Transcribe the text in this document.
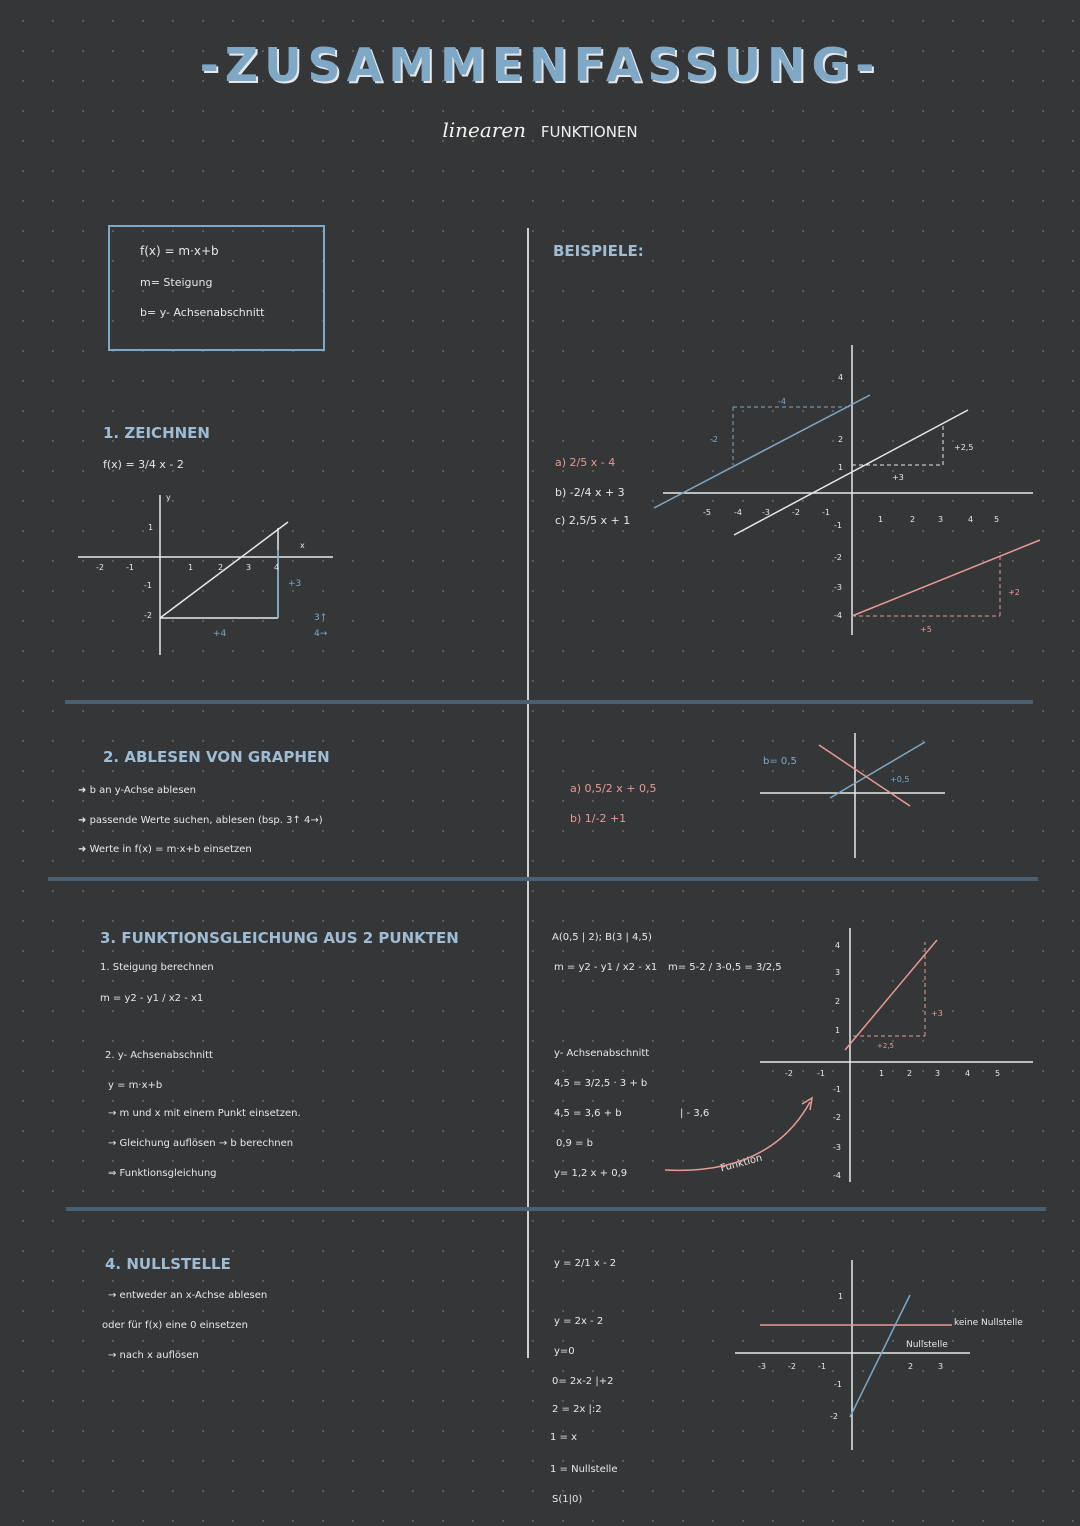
-ZUSAMMENFASSUNG-
linearen FUNKTIONEN
f(x) = m·x+b
m= Steigung
b= y- Achsenabschnitt
BEISPIELE:
1. ZEICHNEN
f(x) = 3/4 x - 2
-2	-1	1	2	3	4
1
-1
-2
x
y
+4
+3
3↑
4→
a) 2/5 x - 4
b) -2/4 x + 3
c) 2,5/5 x + 1
-5	-4	-3	-2	-1
1	2	3	4	5
2
1
-1
-2
-3
-4
4
-4
-2
+2,5
+3
+5
+2
2. ABLESEN VON GRAPHEN
➜ b an y-Achse ablesen
➜ passende Werte suchen, ablesen (bsp. 3↑ 4→)
➜ Werte in f(x) = m·x+b einsetzen
a) 0,5/2 x + 0,5
b) 1/-2 +1
b= 0,5
+0,5
3. FUNKTIONSGLEICHUNG AUS 2 PUNKTEN
1. Steigung berechnen
m = y2 - y1 / x2 - x1
2. y- Achsenabschnitt
y = m·x+b
→ m und x mit einem Punkt einsetzen.
→ Gleichung auflösen → b berechnen
⇒ Funktionsgleichung
A(0,5 | 2); B(3 | 4,5)
m = y2 - y1 / x2 - x1 m= 5-2 / 3-0,5 = 3/2,5
y- Achsenabschnitt
4,5 = 3/2,5 · 3 + b
4,5 = 3,6 + b	| - 3,6
0,9 = b
y= 1,2 x + 0,9	Funktion
-2	-1	1	2	3	4	5
4
3
2
1
-1
-2
-3
-4
+3
+2,5
4. NULLSTELLE
→ entweder an x-Achse ablesen
oder für f(x) eine 0 einsetzen
→ nach x auflösen
y = 2/1 x - 2
y = 2x - 2
y=0
0= 2x-2 |+2
2 = 2x |:2
1 = x
1 = Nullstelle
S(1|0)
-3	-2	-1	2	3
1
-1
-2
keine Nullstelle
Nullstelle
